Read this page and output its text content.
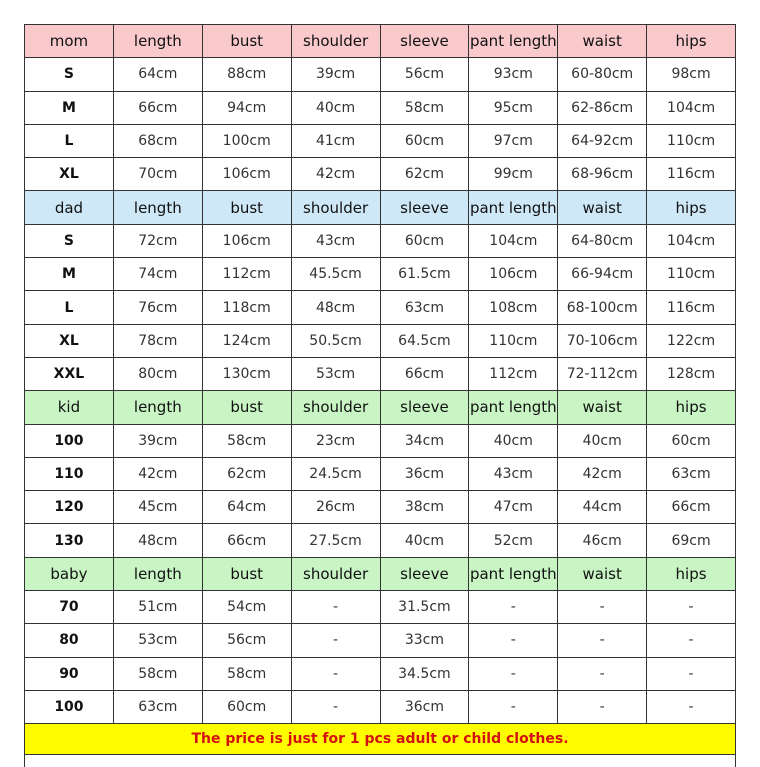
mom	length	bust	shoulder	sleeve	pant length	waist	hips
S	64cm	88cm	39cm	56cm	93cm	60-80cm	98cm
M	66cm	94cm	40cm	58cm	95cm	62-86cm	104cm
L	68cm	100cm	41cm	60cm	97cm	64-92cm	110cm
XL	70cm	106cm	42cm	62cm	99cm	68-96cm	116cm
dad	length	bust	shoulder	sleeve	pant length	waist	hips
S	72cm	106cm	43cm	60cm	104cm	64-80cm	104cm
M	74cm	112cm	45.5cm	61.5cm	106cm	66-94cm	110cm
L	76cm	118cm	48cm	63cm	108cm	68-100cm	116cm
XL	78cm	124cm	50.5cm	64.5cm	110cm	70-106cm	122cm
XXL	80cm	130cm	53cm	66cm	112cm	72-112cm	128cm
kid	length	bust	shoulder	sleeve	pant length	waist	hips
100	39cm	58cm	23cm	34cm	40cm	40cm	60cm
110	42cm	62cm	24.5cm	36cm	43cm	42cm	63cm
120	45cm	64cm	26cm	38cm	47cm	44cm	66cm
130	48cm	66cm	27.5cm	40cm	52cm	46cm	69cm
baby	length	bust	shoulder	sleeve	pant length	waist	hips
70	51cm	54cm	-	31.5cm	-	-	-
80	53cm	56cm	-	33cm	-	-	-
90	58cm	58cm	-	34.5cm	-	-	-
100	63cm	60cm	-	36cm	-	-	-
The price is just for 1 pcs adult or child clothes.							
